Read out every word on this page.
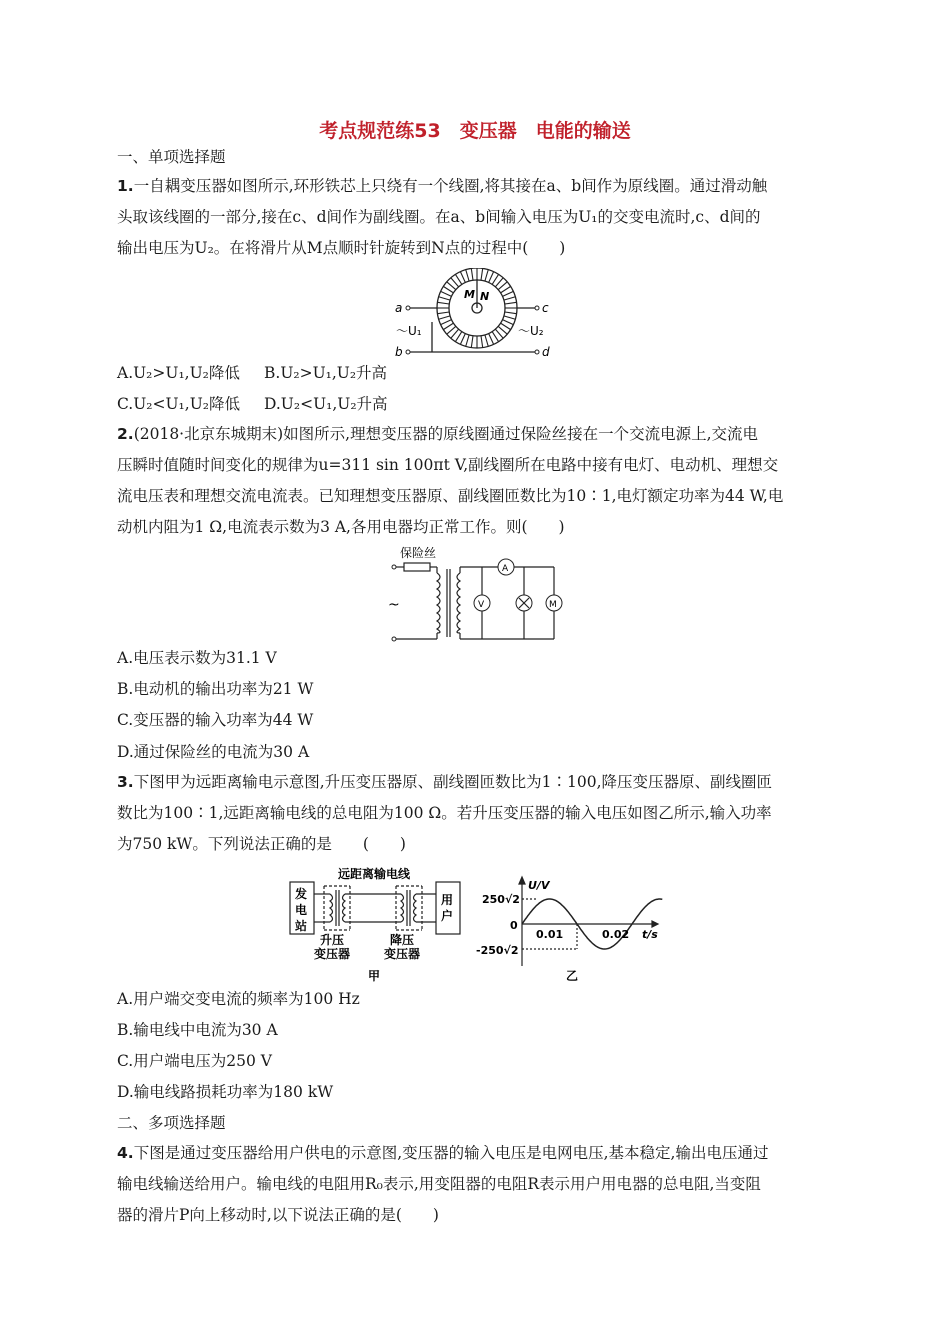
考点规范练53　变压器　电能的输送
一、单项选择题
1.一自耦变压器如图所示,环形铁芯上只绕有一个线圈,将其接在a、b间作为原线圈。通过滑动触
头取该线圈的一部分,接在c、d间作为副线圈。在a、b间输入电压为U₁的交变电流时,c、d间的
输出电压为U₂。在将滑片从M点顺时针旋转到N点的过程中(　　)
a
b
c
d
M N
～U₁	～U₂
A.U₂>U₁,U₂降低 B.U₂>U₁,U₂升高
C.U₂<U₁,U₂降低 D.U₂<U₁,U₂升高
2.(2018·北京东城期末)如图所示,理想变压器的原线圈通过保险丝接在一个交流电源上,交流电
压瞬时值随时间变化的规律为u=311 sin 100πt V,副线圈所在电路中接有电灯、电动机、理想交
流电压表和理想交流电流表。已知理想变压器原、副线圈匝数比为10∶1,电灯额定功率为44 W,电
动机内阻为1 Ω,电流表示数为3 A,各用电器均正常工作。则(　　)
保险丝
~
A
V	M
A.电压表示数为31.1 V
B.电动机的输出功率为21 W
C.变压器的输入功率为44 W
D.通过保险丝的电流为30 A
3.下图甲为远距离输电示意图,升压变压器原、副线圈匝数比为1∶100,降压变压器原、副线圈匝
数比为100∶1,远距离输电线的总电阻为100 Ω。若升压变压器的输入电压如图乙所示,输入功率
为750 kW。下列说法正确的是　　(　　)
发
电
站
用
户
远距离输电线
升压
变压器
降压
变压器
甲
U/V
t/s
250√2
0
-250√2
0.01	0.02
乙
A.用户端交变电流的频率为100 Hz
B.输电线中电流为30 A
C.用户端电压为250 V
D.输电线路损耗功率为180 kW
二、多项选择题
4.下图是通过变压器给用户供电的示意图,变压器的输入电压是电网电压,基本稳定,输出电压通过
输电线输送给用户。输电线的电阻用R₀表示,用变阻器的电阻R表示用户用电器的总电阻,当变阻
器的滑片P向上移动时,以下说法正确的是(　　)
